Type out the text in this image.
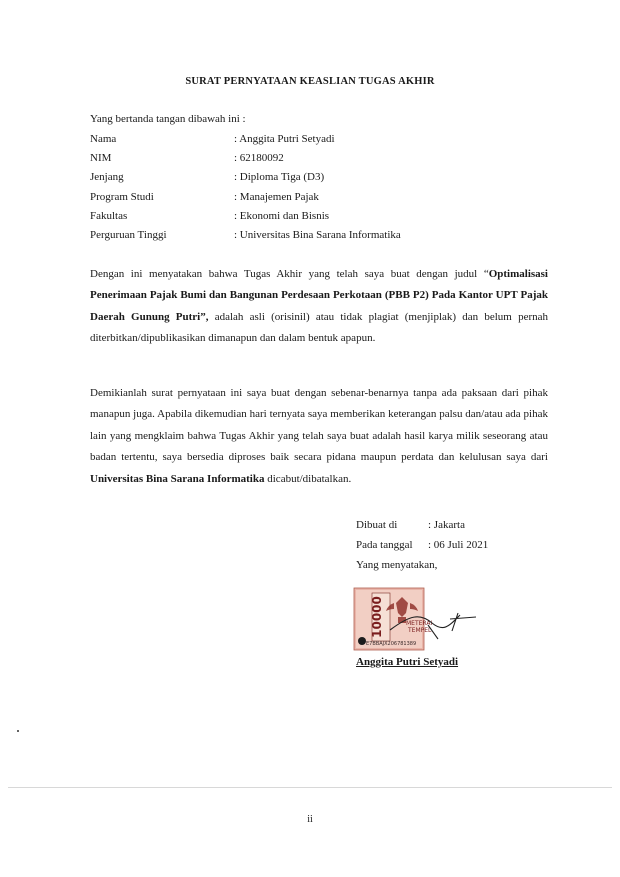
SURAT PERNYATAAN KEASLIAN TUGAS AKHIR
Yang bertanda tangan dibawah ini :
Nama	: Anggita Putri Setyadi
NIM	: 62180092
Jenjang	: Diploma Tiga (D3)
Program Studi	: Manajemen Pajak
Fakultas	: Ekonomi dan Bisnis
Perguruan Tinggi	: Universitas Bina Sarana Informatika
Dengan ini menyatakan bahwa Tugas Akhir yang telah saya buat dengan judul “Optimalisasi Penerimaan Pajak Bumi dan Bangunan Perdesaan Perkotaan (PBB P2) Pada Kantor UPT Pajak Daerah Gunung Putri”, adalah asli (orisinil) atau tidak plagiat (menjiplak) dan belum pernah diterbitkan/dipublikasikan dimanapun dan dalam bentuk apapun.
Demikianlah surat pernyataan ini saya buat dengan sebenar-benarnya tanpa ada paksaan dari pihak manapun juga. Apabila dikemudian hari ternyata saya memberikan keterangan palsu dan/atau ada pihak lain yang mengklaim bahwa Tugas Akhir yang telah saya buat adalah hasil karya milik seseorang atau badan tertentu, saya bersedia diproses baik secara pidana maupun perdata dan kelulusan saya dari Universitas Bina Sarana Informatika dicabut/dibatalkan.
Dibuat di	: Jakarta
Pada tanggal : 06 Juli 2021
Yang menyatakan,
10000	METERAI
TEMPEL
E7BBAJX206781389
Anggita Putri Setyadi
ii
